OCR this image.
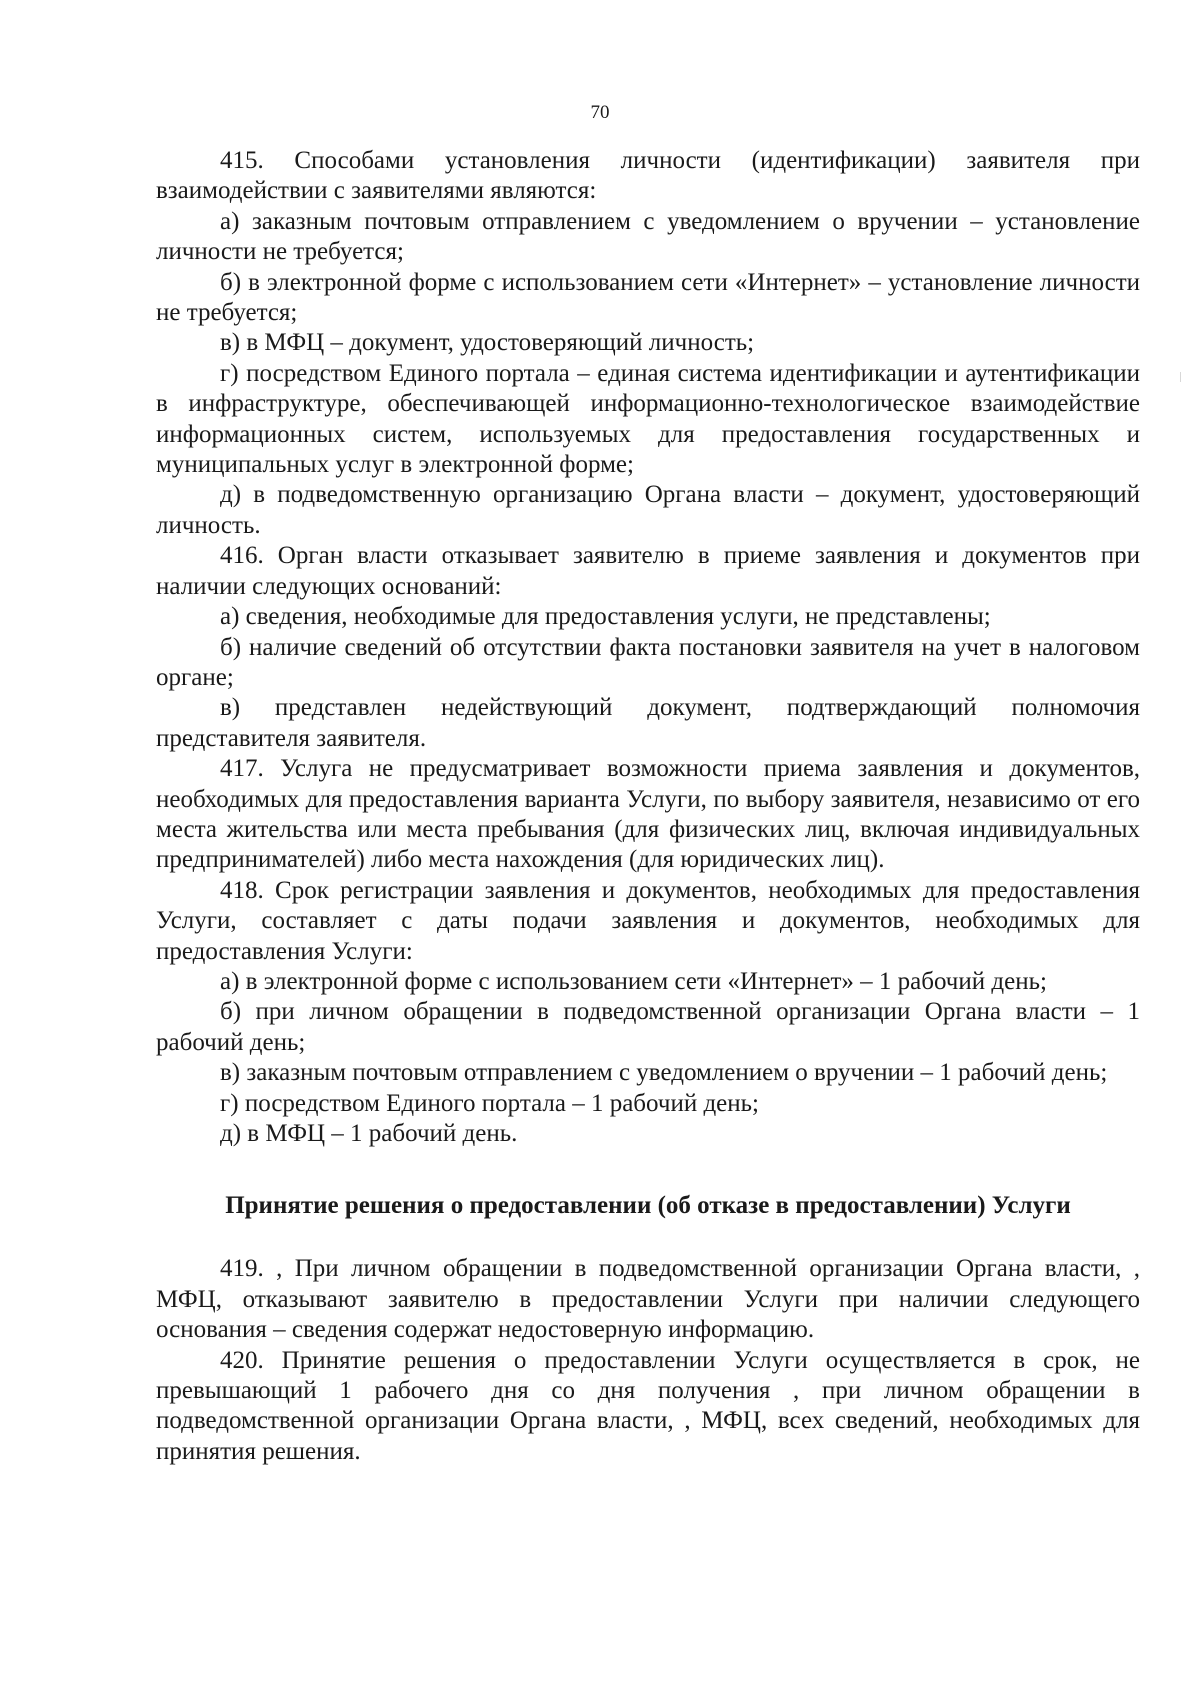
70

415. Способами установления личности (идентификации) заявителя при взаимодействии с заявителями являются:

а) заказным почтовым отправлением с уведомлением о вручении – установление личности не требуется;

б) в электронной форме с использованием сети «Интернет» – установление личности не требуется;

в) в МФЦ – документ, удостоверяющий личность;

г) посредством Единого портала – единая система идентификации и аутентификации в инфраструктуре, обеспечивающей информационно-технологическое взаимодействие информационных систем, используемых для предоставления государственных и муниципальных услуг в электронной форме;

д) в подведомственную организацию Органа власти – документ, удостоверяющий личность.

416. Орган власти отказывает заявителю в приеме заявления и документов при наличии следующих оснований:

а) сведения, необходимые для предоставления услуги, не представлены;

б) наличие сведений об отсутствии факта постановки заявителя на учет в налоговом органе;

в) представлен недействующий документ, подтверждающий полномочия представителя заявителя.

417. Услуга не предусматривает возможности приема заявления и документов, необходимых для предоставления варианта Услуги, по выбору заявителя, независимо от его места жительства или места пребывания (для физических лиц, включая индивидуальных предпринимателей) либо места нахождения (для юридических лиц).

418. Срок регистрации заявления и документов, необходимых для предоставления Услуги, составляет с даты подачи заявления и документов, необходимых для предоставления Услуги:

а) в электронной форме с использованием сети «Интернет» – 1 рабочий день;

б) при личном обращении в подведомственной организации Органа власти – 1 рабочий день;

в) заказным почтовым отправлением с уведомлением о вручении – 1 рабочий день;

г) посредством Единого портала – 1 рабочий день;

д) в МФЦ – 1 рабочий день.

Принятие решения о предоставлении (об отказе в предоставлении) Услуги

419. , При личном обращении в подведомственной организации Органа власти, , МФЦ, отказывают заявителю в предоставлении Услуги при наличии следующего основания – сведения содержат недостоверную информацию.

420. Принятие решения о предоставлении Услуги осуществляется в срок, не превышающий 1 рабочего дня со дня получения , при личном обращении в подведомственной организации Органа власти, , МФЦ, всех сведений, необходимых для принятия решения.
